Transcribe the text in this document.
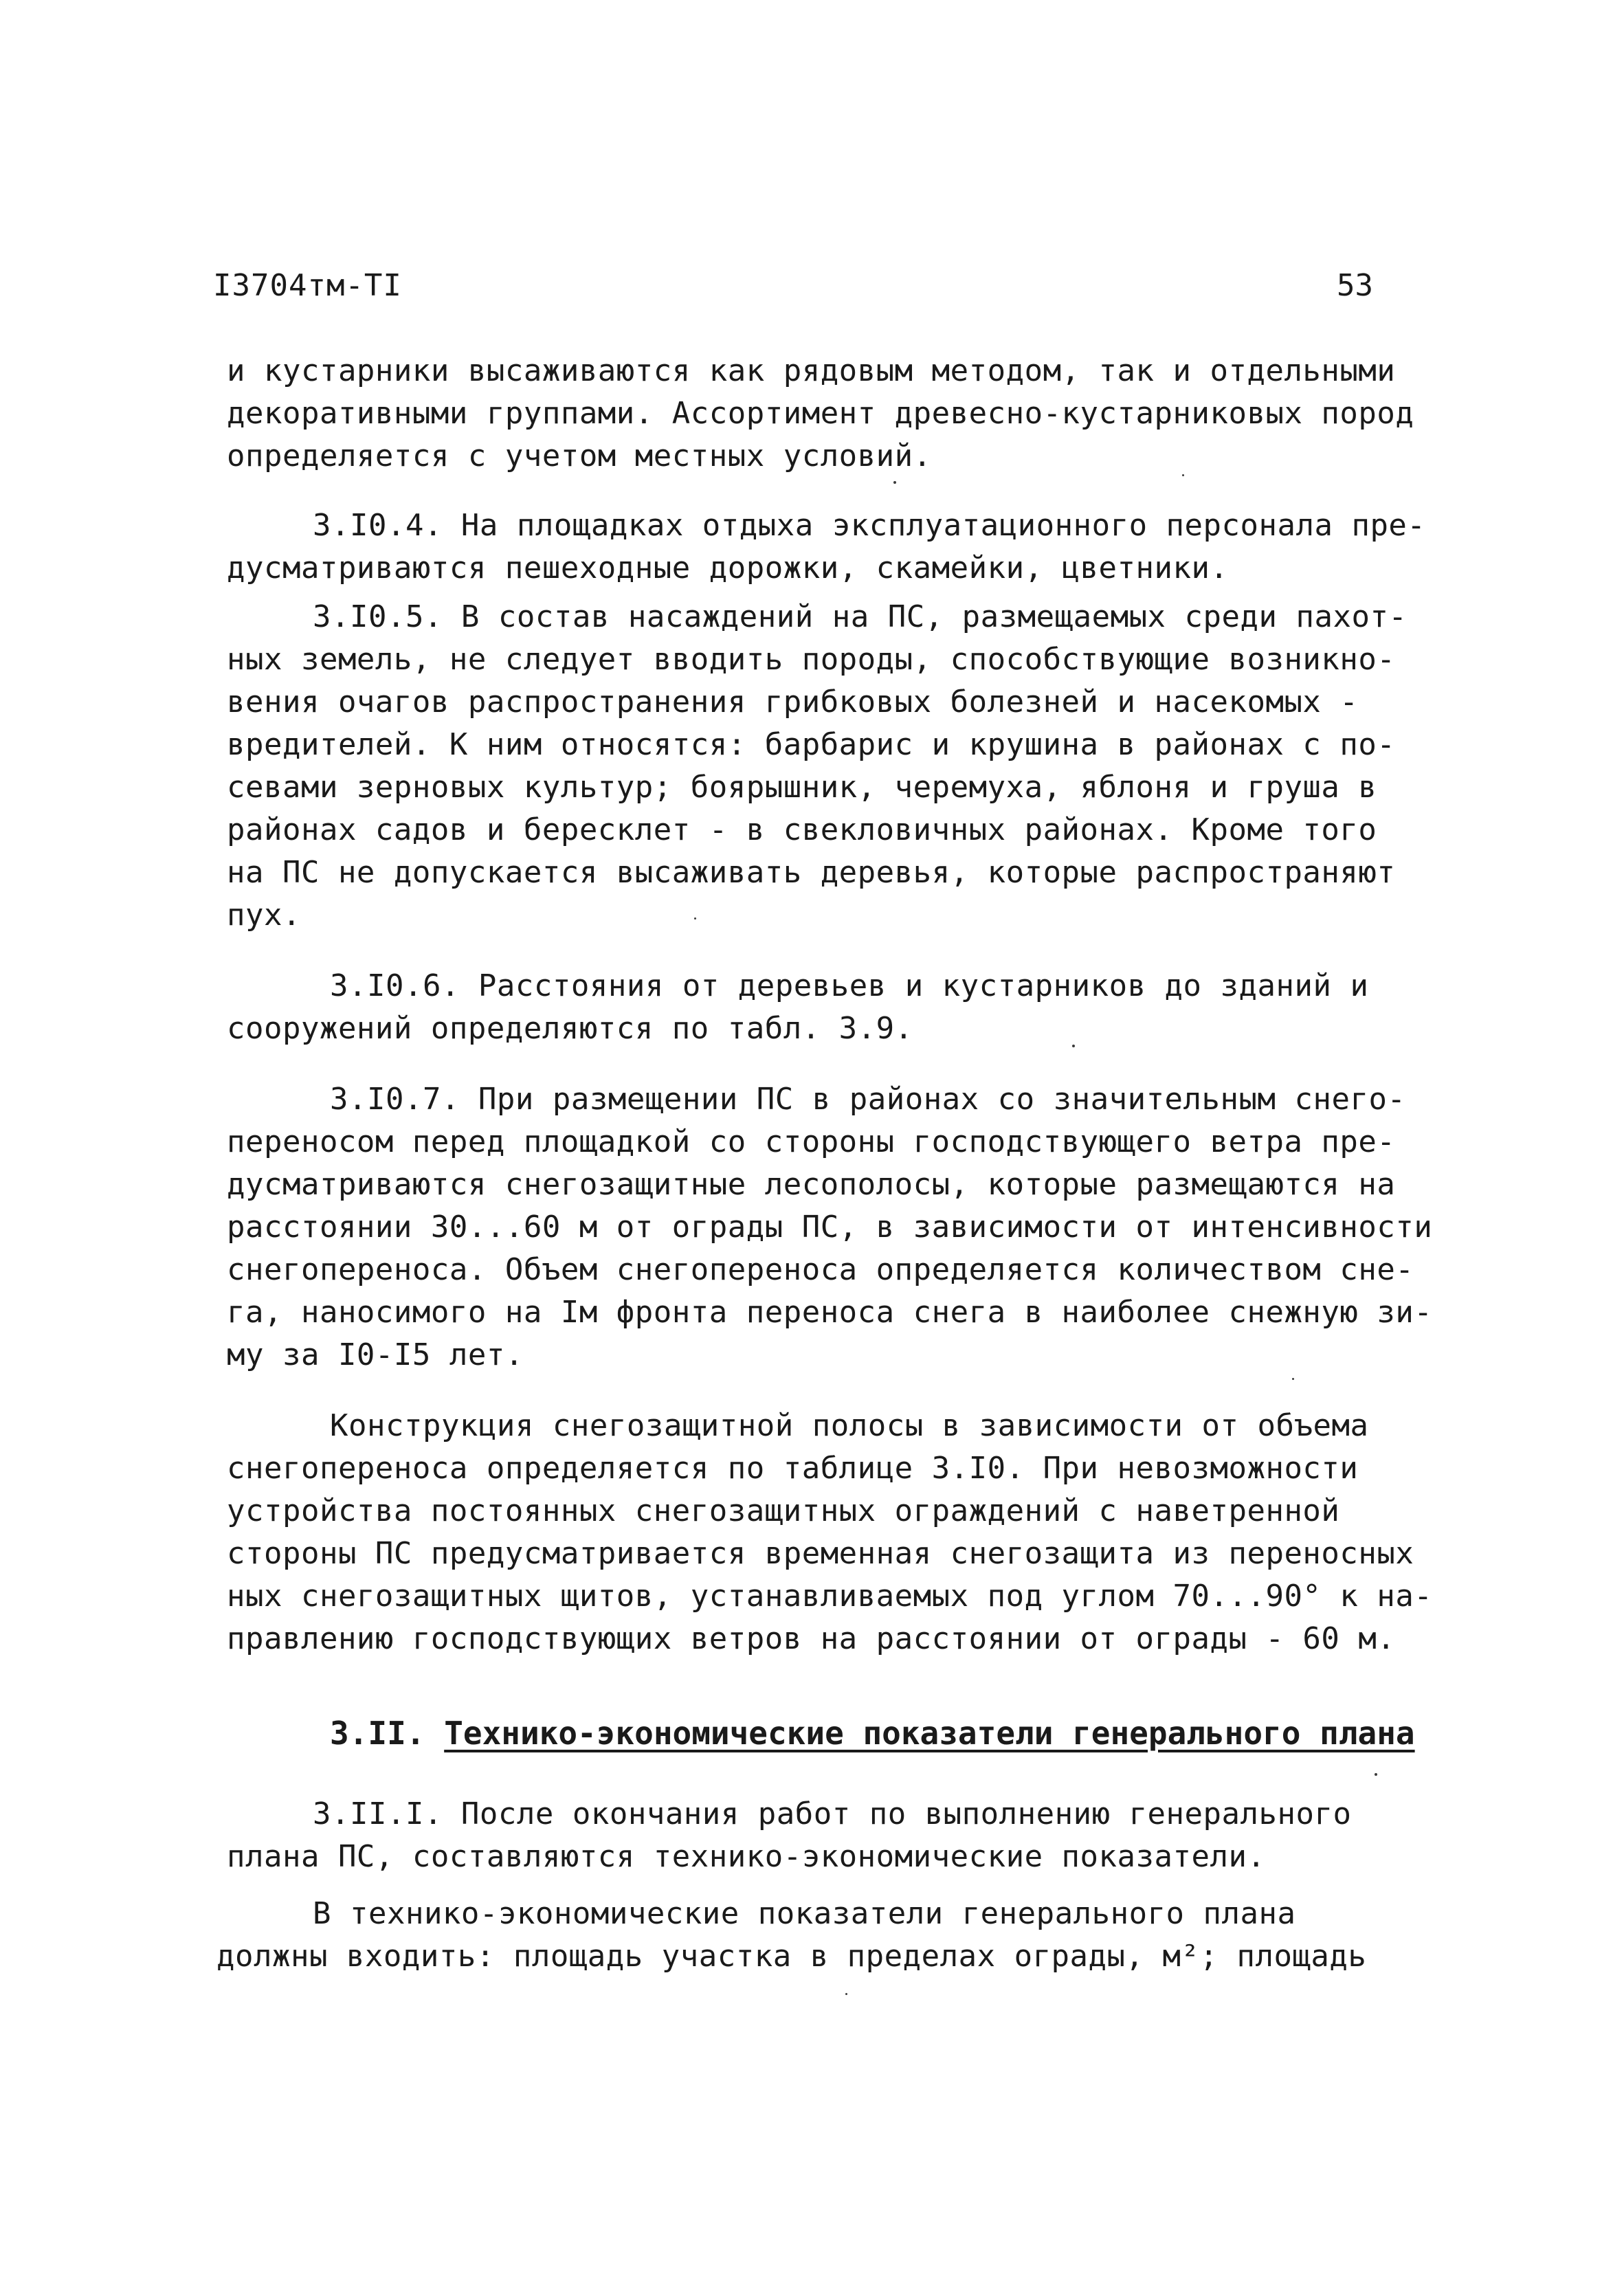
I3704тм-ТI	53
и кустарники высаживаются как рядовым методом, так и отдельными
декоративными группами. Ассортимент древесно-кустарниковых пород
определяется с учетом местных условий.
3.I0.4. На площадках отдыха эксплуатационного персонала пре-
дусматриваются пешеходные дорожки, скамейки, цветники.
3.I0.5. В состав насаждений на ПС, размещаемых среди пахот-
ных земель, не следует вводить породы, способствующие возникно-
вения очагов распространения грибковых болезней и насекомых -
вредителей. К ним относятся: барбарис и крушина в районах с по-
севами зерновых культур; боярышник, черемуха, яблоня и груша в
районах садов и бересклет - в свекловичных районах. Кроме того
на ПС не допускается высаживать деревья, которые распространяют
пух.
3.I0.6. Расстояния от деревьев и кустарников до зданий и
сооружений определяются по табл. 3.9.
3.I0.7. При размещении ПС в районах со значительным снего-
переносом перед площадкой со стороны господствующего ветра пре-
дусматриваются снегозащитные лесополосы, которые размещаются на
расстоянии 30...60 м от ограды ПС, в зависимости от интенсивности
снегопереноса. Объем снегопереноса определяется количеством сне-
га, наносимого на Iм фронта переноса снега в наиболее снежную зи-
му за I0-I5 лет.
Конструкция снегозащитной полосы в зависимости от объема
снегопереноса определяется по таблице 3.I0. При невозможности
устройства постоянных снегозащитных ограждений с наветренной
стороны ПС предусматривается временная снегозащита из переносных
ных снегозащитных щитов, устанавливаемых под углом 70...90° к на-
правлению господствующих ветров на расстоянии от ограды - 60 м.
3.II. Технико-экономические показатели генерального плана
3.II.I. После окончания работ по выполнению генерального
плана ПС, составляются технико-экономические показатели.
В технико-экономические показатели генерального плана
должны входить: площадь участка в пределах ограды, м²; площадь
